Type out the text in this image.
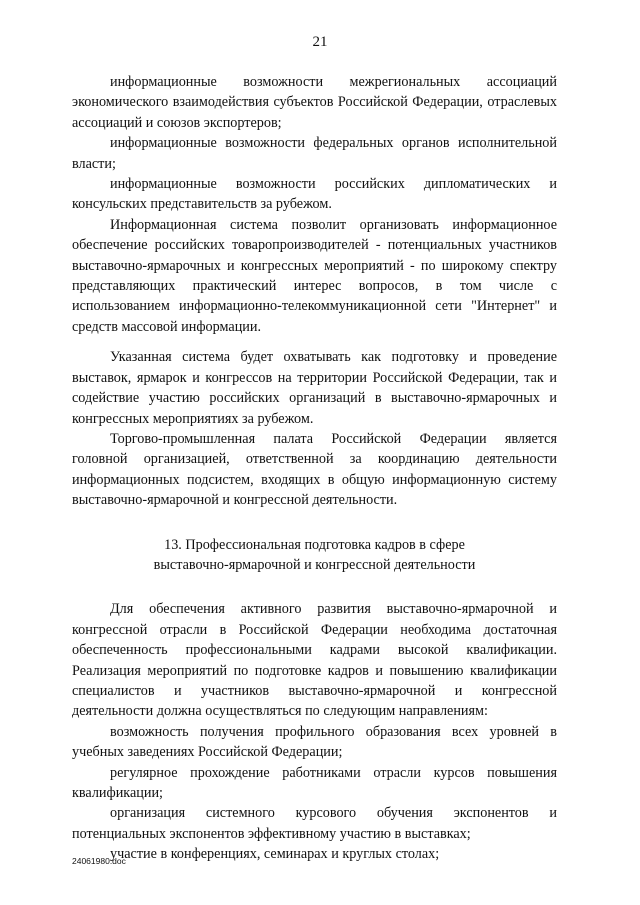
21

информационные возможности межрегиональных ассоциаций экономического взаимодействия субъектов Российской Федерации, отраслевых ассоциаций и союзов экспортеров;

информационные возможности федеральных органов исполнительной власти;

информационные возможности российских дипломатических и консульских представительств за рубежом.

Информационная система позволит организовать информационное обеспечение российских товаропроизводителей - потенциальных участников выставочно-ярмарочных и конгрессных мероприятий - по широкому спектру представляющих практический интерес вопросов, в том числе с использованием информационно-телекоммуникационной сети "Интернет" и средств массовой информации.

Указанная система будет охватывать как подготовку и проведение выставок, ярмарок и конгрессов на территории Российской Федерации, так и содействие участию российских организаций в выставочно-ярмарочных и конгрессных мероприятиях за рубежом.

Торгово-промышленная палата Российской Федерации является головной организацией, ответственной за координацию деятельности информационных подсистем, входящих в общую информационную систему выставочно-ярмарочной и конгрессной деятельности.

13. Профессиональная подготовка кадров в сфере
выставочно-ярмарочной и конгрессной деятельности

Для обеспечения активного развития выставочно-ярмарочной и конгрессной отрасли в Российской Федерации необходима достаточная обеспеченность профессиональными кадрами высокой квалификации. Реализация мероприятий по подготовке кадров и повышению квалификации специалистов и участников выставочно-ярмарочной и конгрессной деятельности должна осуществляться по следующим направлениям:

возможность получения профильного образования всех уровней в учебных заведениях Российской Федерации;

регулярное прохождение работниками отрасли курсов повышения квалификации;

организация системного курсового обучения экспонентов и потенциальных экспонентов эффективному участию в выставках;

участие в конференциях, семинарах и круглых столах;

24061980.doc
